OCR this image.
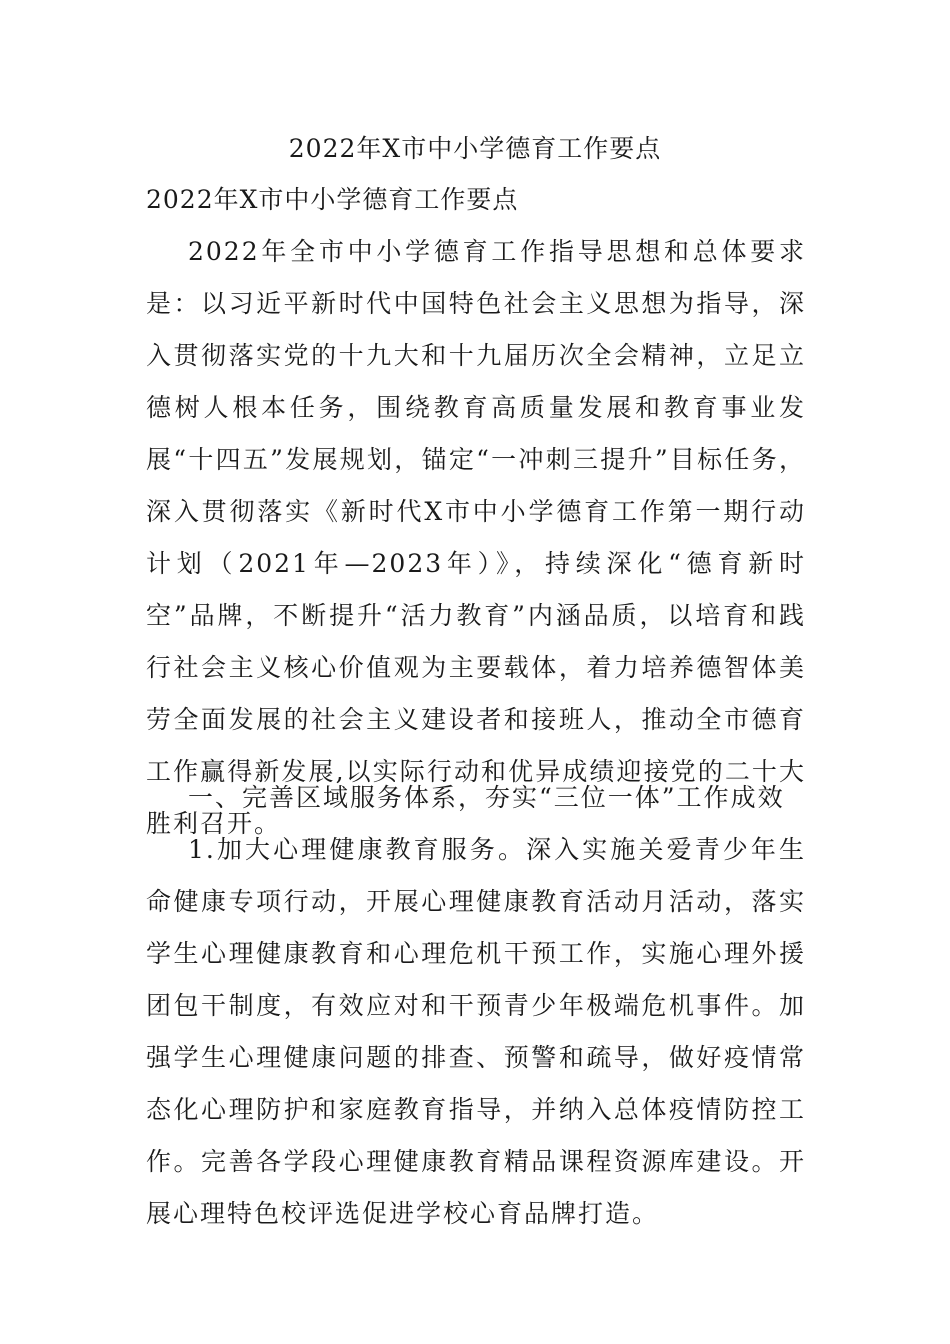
2022年X市中小学德育工作要点
2022年X市中小学德育工作要点

2022年全市中小学德育工作指导思想和总体要求是：以习近平新时代中国特色社会主义思想为指导，深入贯彻落实党的十九大和十九届历次全会精神，立足立德树人根本任务，围绕教育高质量发展和教育事业发展“十四五”发展规划，锚定“一冲刺三提升”目标任务，深入贯彻落实《新时代X市中小学德育工作第一期行动计划（2021年—2023年）》，持续深化“德育新时空”品牌，不断提升“活力教育”内涵品质，以培育和践行社会主义核心价值观为主要载体，着力培养德智体美劳全面发展的社会主义建设者和接班人，推动全市德育工作赢得新发展,以实际行动和优异成绩迎接党的二十大胜利召开。

一、完善区域服务体系，夯实“三位一体”工作成效

1.加大心理健康教育服务。深入实施关爱青少年生命健康专项行动，开展心理健康教育活动月活动，落实学生心理健康教育和心理危机干预工作，实施心理外援团包干制度，有效应对和干预青少年极端危机事件。加强学生心理健康问题的排查、预警和疏导，做好疫情常态化心理防护和家庭教育指导，并纳入总体疫情防控工作。完善各学段心理健康教育精品课程资源库建设。开展心理特色校评选促进学校心育品牌打造。
